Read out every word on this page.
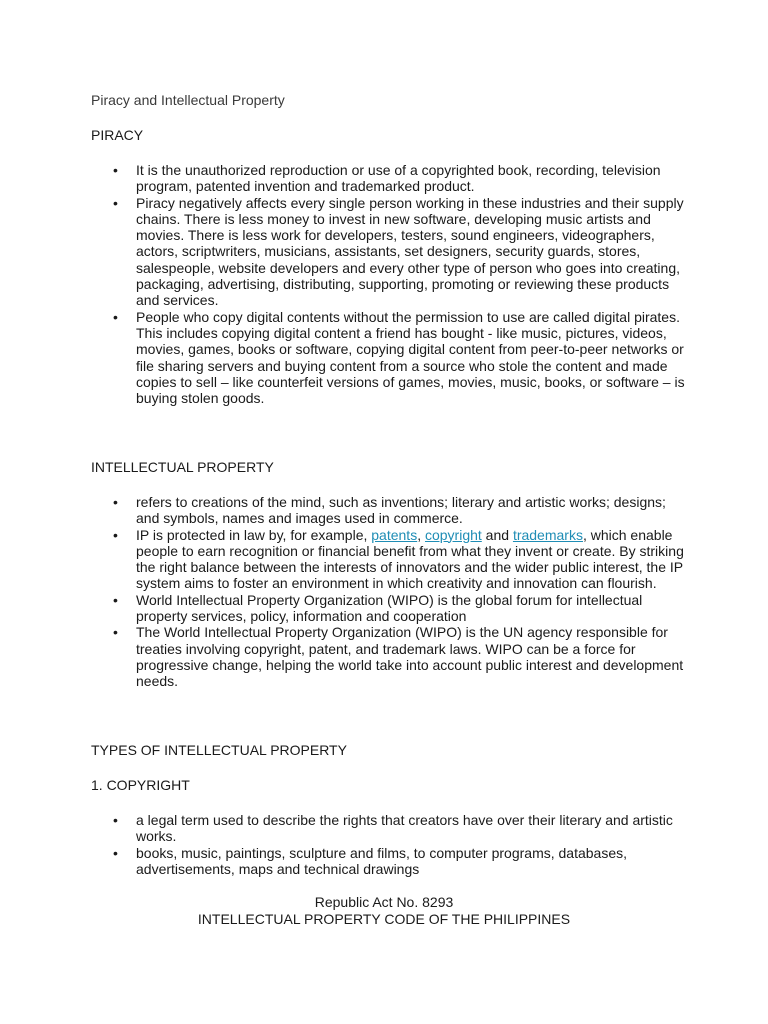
Piracy and Intellectual Property
PIRACY
• It is the unauthorized reproduction or use of a copyrighted book, recording, television program, patented invention and trademarked product.
• Piracy negatively affects every single person working in these industries and their supply chains. There is less money to invest in new software, developing music artists and movies. There is less work for developers, testers, sound engineers, videographers, actors, scriptwriters, musicians, assistants, set designers, security guards, stores, salespeople, website developers and every other type of person who goes into creating, packaging, advertising, distributing, supporting, promoting or reviewing these products and services.
• People who copy digital contents without the permission to use are called digital pirates. This includes copying digital content a friend has bought - like music, pictures, videos, movies, games, books or software, copying digital content from peer-to-peer networks or file sharing servers and buying content from a source who stole the content and made copies to sell – like counterfeit versions of games, movies, music, books, or software – is buying stolen goods.
INTELLECTUAL PROPERTY
• refers to creations of the mind, such as inventions; literary and artistic works; designs; and symbols, names and images used in commerce.
• IP is protected in law by, for example, patents, copyright and trademarks, which enable people to earn recognition or financial benefit from what they invent or create. By striking the right balance between the interests of innovators and the wider public interest, the IP system aims to foster an environment in which creativity and innovation can flourish.
• World Intellectual Property Organization (WIPO) is the global forum for intellectual property services, policy, information and cooperation
• The World Intellectual Property Organization (WIPO) is the UN agency responsible for treaties involving copyright, patent, and trademark laws. WIPO can be a force for progressive change, helping the world take into account public interest and development needs.
TYPES OF INTELLECTUAL PROPERTY
1. COPYRIGHT
• a legal term used to describe the rights that creators have over their literary and artistic works.
• books, music, paintings, sculpture and films, to computer programs, databases, advertisements, maps and technical drawings
Republic Act No. 8293
INTELLECTUAL PROPERTY CODE OF THE PHILIPPINES
